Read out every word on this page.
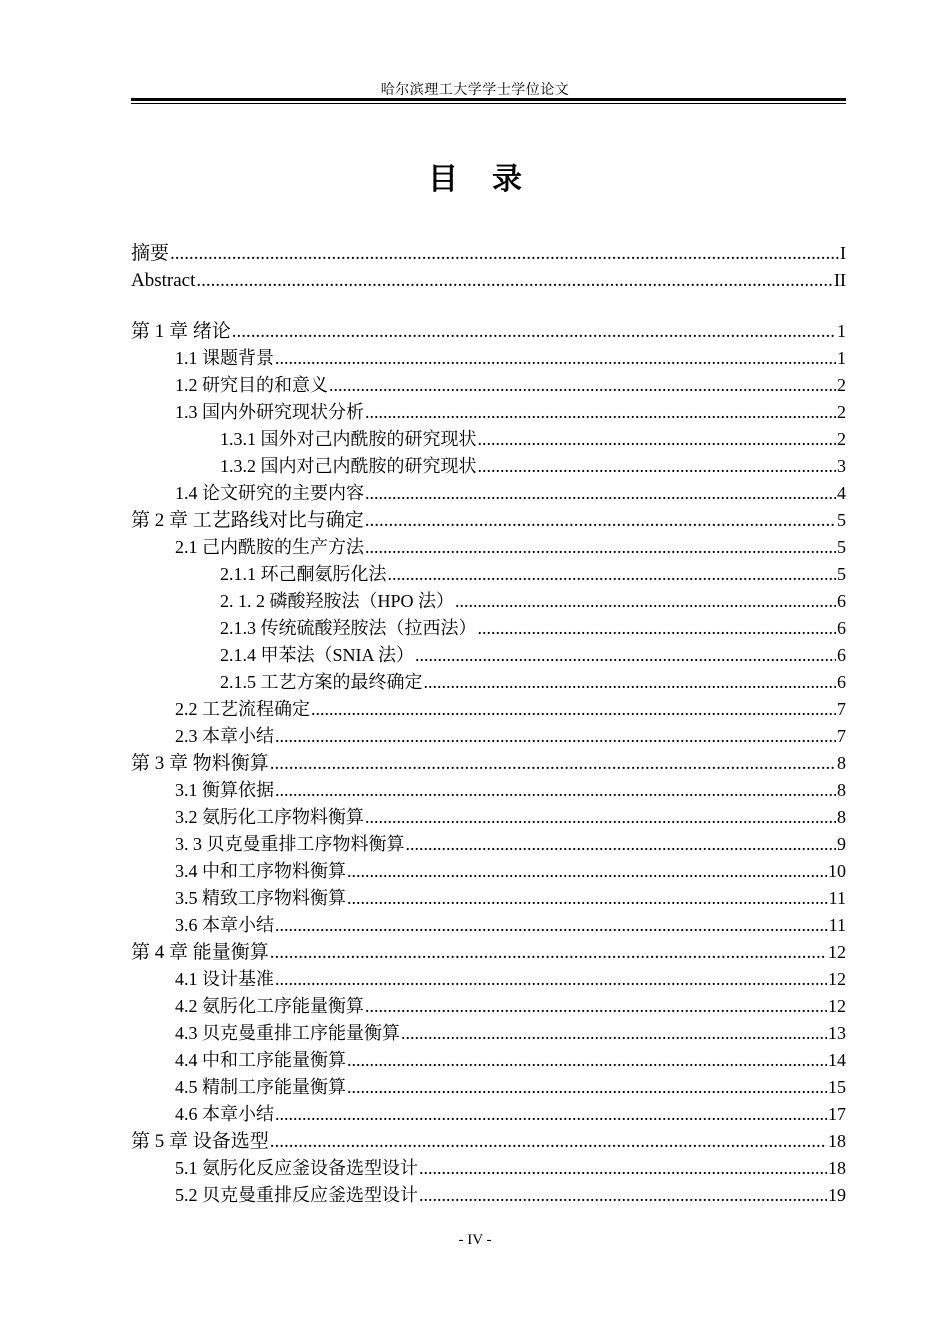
哈尔滨理工大学学士学位论文
目录
摘要 .....	I
Abstract .....	II
第 1 章 绪论 .....	1
1.1 课题背景 .....	1
1.2 研究目的和意义 .....	2
1.3 国内外研究现状分析 .....	2
1.3.1 国外对己内酰胺的研究现状 .....	2
1.3.2 国内对己内酰胺的研究现状 .....	3
1.4 论文研究的主要内容 .....	4
第 2 章 工艺路线对比与确定 .....	5
2.1 己内酰胺的生产方法 .....	5
2.1.1 环己酮氨肟化法 .....	5
2. 1. 2 磷酸羟胺法（HPO 法） .....	6
2.1.3 传统硫酸羟胺法（拉西法） .....	6
2.1.4 甲苯法（SNIA 法） .....	6
2.1.5 工艺方案的最终确定 .....	6
2.2 工艺流程确定 .....	7
2.3 本章小结 .....	7
第 3 章 物料衡算 .....	8
3.1 衡算依据 .....	8
3.2 氨肟化工序物料衡算 .....	8
3. 3 贝克曼重排工序物料衡算 .....	9
3.4 中和工序物料衡算 .....	10
3.5 精致工序物料衡算 .....	11
3.6 本章小结 .....	11
第 4 章 能量衡算 .....	12
4.1 设计基准 .....	12
4.2 氨肟化工序能量衡算 .....	12
4.3 贝克曼重排工序能量衡算 .....	13
4.4 中和工序能量衡算 .....	14
4.5 精制工序能量衡算 .....	15
4.6 本章小结 .....	17
第 5 章 设备选型 .....	18
5.1 氨肟化反应釜设备选型设计 .....	18
5.2 贝克曼重排反应釜选型设计 .....	19
- IV -
